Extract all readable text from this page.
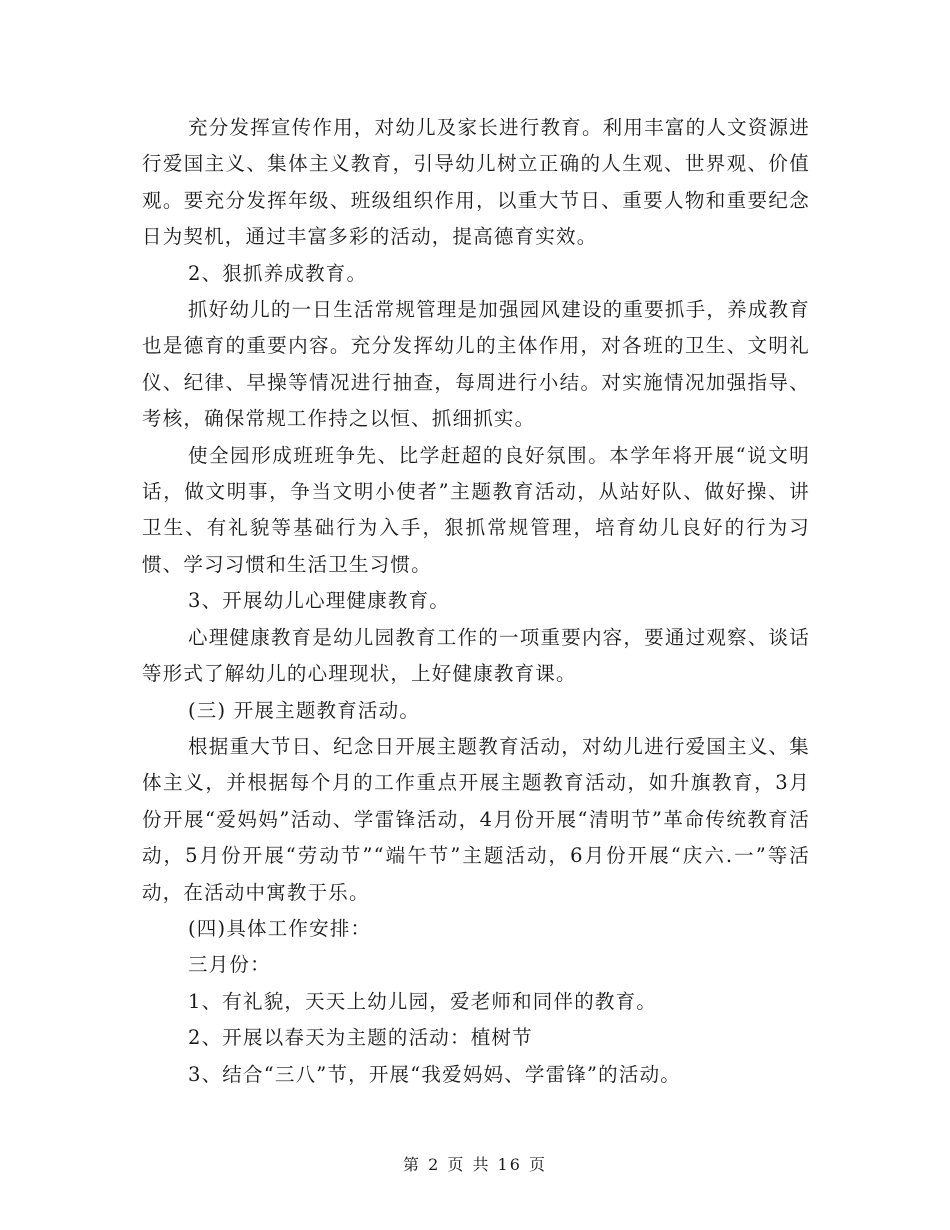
充分发挥宣传作用，对幼儿及家长进行教育。利用丰富的人文资源进行爱国主义、集体主义教育，引导幼儿树立正确的人生观、世界观、价值观。要充分发挥年级、班级组织作用，以重大节日、重要人物和重要纪念日为契机，通过丰富多彩的活动，提高德育实效。

2、狠抓养成教育。

抓好幼儿的一日生活常规管理是加强园风建设的重要抓手，养成教育也是德育的重要内容。充分发挥幼儿的主体作用，对各班的卫生、文明礼仪、纪律、早操等情况进行抽查，每周进行小结。对实施情况加强指导、考核，确保常规工作持之以恒、抓细抓实。

使全园形成班班争先、比学赶超的良好氛围。本学年将开展“说文明话，做文明事，争当文明小使者”主题教育活动，从站好队、做好操、讲卫生、有礼貌等基础行为入手，狠抓常规管理，培育幼儿良好的行为习惯、学习习惯和生活卫生习惯。

3、开展幼儿心理健康教育。

心理健康教育是幼儿园教育工作的一项重要内容，要通过观察、谈话等形式了解幼儿的心理现状，上好健康教育课。

(三) 开展主题教育活动。

根据重大节日、纪念日开展主题教育活动，对幼儿进行爱国主义、集体主义，并根据每个月的工作重点开展主题教育活动，如升旗教育，3月份开展“爱妈妈”活动、学雷锋活动，4月份开展“清明节”革命传统教育活动，5月份开展“劳动节”“端午节”主题活动，6月份开展“庆六.一”等活动，在活动中寓教于乐。

(四)具体工作安排：

三月份：

1、有礼貌，天天上幼儿园，爱老师和同伴的教育。

2、开展以春天为主题的活动：植树节

3、结合“三八”节，开展“我爱妈妈、学雷锋”的活动。

第 2 页 共 16 页
